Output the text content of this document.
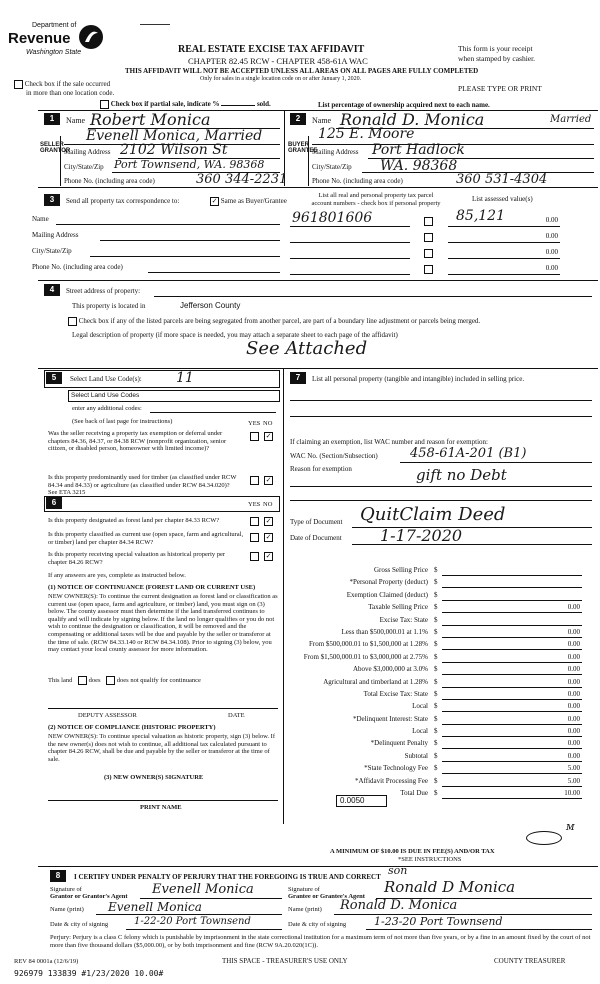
Department of
Revenue
Washington State	REAL ESTATE EXCISE TAX AFFIDAVIT
CHAPTER 82.45 RCW - CHAPTER 458-61A WAC
THIS AFFIDAVIT WILL NOT BE ACCEPTED UNLESS ALL AREAS ON ALL PAGES ARE FULLY COMPLETED
Only for sales in a single location code on or after January 1, 2020.
This form is your receipt
when stamped by cashier.
PLEASE TYPE OR PRINT
Check box if the sale occurred
in more than one location code.
Check box if partial sale, indicate %	sold.	List percentage of ownership acquired next to each name.
1
SELLER
GRANTOR
Name Robert Monica
Evenell Monica, Married
Mailing Address 2102 Wilson St
City/State/Zip Port Townsend, WA. 98368
Phone No. (including area code)	360 344-2231
2
BUYER
GRANTEE
Name Ronald D. Monica	Married
125 E. Moore
Mailing Address Port Hadlock
City/State/Zip WA. 98368
Phone No. (including area code)	360 531-4304
3	Send all property tax correspondence to:	✓ Same as Buyer/Grantee
List all real and personal property tax parcel
account numbers - check box if personal property
List assessed value(s)
Name
Mailing Address
City/State/Zip
Phone No. (including area code)
961801606	85,121	0.00
0.00
0.00
0.00
4	Street address of property:
This property is located in	Jefferson County
Check box if any of the listed parcels are being segregated from another parcel, are part of a boundary line adjustment or parcels being merged.
Legal description of property (if more space is needed, you may attach a separate sheet to each page of the affidavit)
See Attached
5	Select Land Use Code(s): 11
Select Land Use Codes
enter any additional codes:
(See back of last page for instructions)	YES NO
Was the seller receiving a property tax exemption or deferral under chapters 84.36, 84.37, or 84.38 RCW (nonprofit organization, senior citizen, or disabled person, homeowner with limited income)?
✓
Is this property predominantly used for timber (as classified under RCW 84.34 and 84.33) or agriculture (as classified under RCW 84.34.020)? See ETA 3215
✓
6	YES NO
Is this property designated as forest land per chapter 84.33 RCW?	✓
Is this property classified as current use (open space, farm and agricultural, or timber) land per chapter 84.34 RCW?
✓
Is this property receiving special valuation as historical property per chapter 84.26 RCW?
✓
If any answers are yes, complete as instructed below.
(1) NOTICE OF CONTINUANCE (FOREST LAND OR CURRENT USE)
NEW OWNER(S): To continue the current designation as forest land or classification as current use (open space, farm and agriculture, or timber) land, you must sign on (3) below. The county assessor must then determine if the land transferred continues to qualify and will indicate by signing below. If the land no longer qualifies or you do not wish to continue the designation or classification, it will be removed and the compensating or additional taxes will be due and payable by the seller or transferor at the time of sale. (RCW 84.33.140 or RCW 84.34.108). Prior to signing (3) below, you may contact your local county assessor for more information.
This land	does	does not qualify for continuance
DEPUTY ASSESSOR	DATE
(2) NOTICE OF COMPLIANCE (HISTORIC PROPERTY)
NEW OWNER(S): To continue special valuation as historic property, sign (3) below. If the new owner(s) does not wish to continue, all additional tax calculated pursuant to chapter 84.26 RCW, shall be due and payable by the seller or transferor at the time of sale.
(3) NEW OWNER(S) SIGNATURE
PRINT NAME
7	List all personal property (tangible and intangible) included in selling price.
If claiming an exemption, list WAC number and reason for exemption:
WAC No. (Section/Subsection) 458-61A-201 (B1)
Reason for exemption	gift no Debt
Type of Document QuitClaim Deed
Date of Document 1-17-2020
Gross Selling Price $
*Personal Property (deduct) $
Exemption Claimed (deduct) $
Taxable Selling Price $	0.00
Excise Tax: State $
Less than $500,000.01 at 1.1% $	0.00
From $500,000.01 to $1,500,000 at 1.28% $	0.00
From $1,500,000.01 to $3,000,000 at 2.75% $	0.00
Above $3,000,000 at 3.0% $	0.00
Agricultural and timberland at 1.28% $	0.00
Total Excise Tax: State $	0.00
Local $	0.00
*Delinquent Interest: State $	0.00
Local $	0.00
*Delinquent Penalty $	0.00
Subtotal $	0.00
*State Technology Fee $	5.00
*Affidavit Processing Fee $	5.00
Total Due $	10.00
0.0050
ᴍ
A MINIMUM OF $10.00 IS DUE IN FEE(S) AND/OR TAX
*SEE INSTRUCTIONS
8	I CERTIFY UNDER PENALTY OF PERJURY THAT THE FOREGOING IS TRUE AND CORRECT son
Signature of
Grantor or Grantor's Agent Evenell Monica	Signature of
Grantee or Grantee's Agent
Ronald D Monica
Name (print) Evenell Monica	Name (print) Ronald D. Monica
Date & city of signing	1-22-20 Port Townsend	Date & city of signing	1-23-20 Port Townsend
Perjury: Perjury is a class C felony which is punishable by imprisonment in the state correctional institution for a maximum term of not more than five years, or by a fine in an amount fixed by the court of not more than five thousand dollars ($5,000.00), or by both imprisonment and fine (RCW 9A.20.020(1C)).
REV 84 0001a (12/6/19)	THIS SPACE - TREASURER'S USE ONLY	COUNTY TREASURER
926979 133839 #1/23/2020 10.00#
